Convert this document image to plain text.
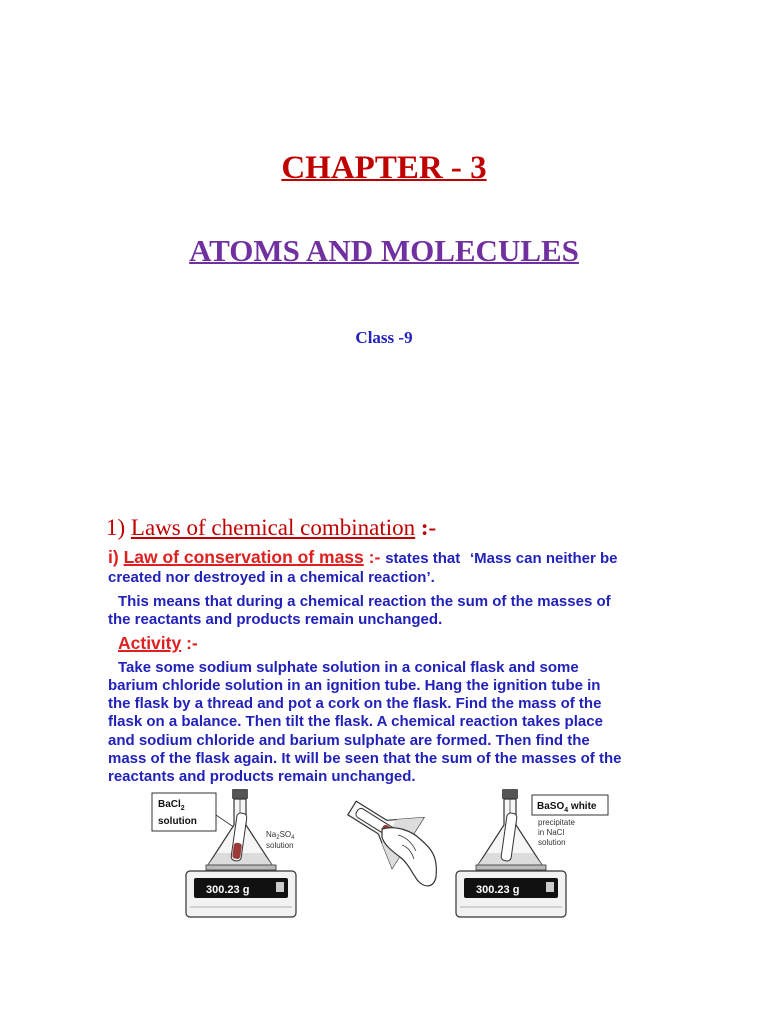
CHAPTER - 3
ATOMS AND MOLECULES
Class -9
1) Laws of chemical combination :-
i) Law of conservation of mass :- states that ‘Mass can neither be
created nor destroyed in a chemical reaction’.
This means that during a chemical reaction the sum of the masses of
the reactants and products remain unchanged.
Activity :-
Take some sodium sulphate solution in a conical flask and some
barium chloride solution in an ignition tube. Hang the ignition tube in
the flask by a thread and pot a cork on the flask. Find the mass of the
flask on a balance. Then tilt the flask. A chemical reaction takes place
and sodium chloride and barium sulphate are formed. Then find the
mass of the flask again. It will be seen that the sum of the masses of the
reactants and products remain unchanged.
BaCl$_2$
solution
$Na_2SO_4$
solution
300.23 g
BaSO$_4$ white
precipitate
in NaCl
solution
300.23 g
